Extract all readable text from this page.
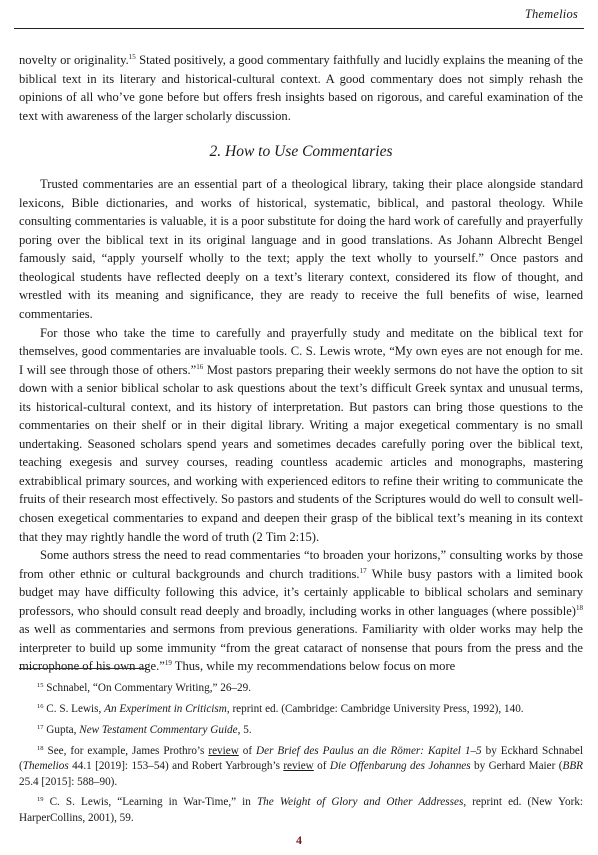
Themelios

novelty or originality.$^{15}$ Stated positively, a good commentary faithfully and lucidly explains the meaning of the biblical text in its literary and historical-cultural context. A good commentary does not simply rehash the opinions of all who’ve gone before but offers fresh insights based on rigorous, and careful examination of the text with awareness of the larger scholarly discussion.

2. How to Use Commentaries

Trusted commentaries are an essential part of a theological library, taking their place alongside standard lexicons, Bible dictionaries, and works of historical, systematic, biblical, and pastoral theology. While consulting commentaries is valuable, it is a poor substitute for doing the hard work of carefully and prayerfully poring over the biblical text in its original language and in good translations. As Johann Albrecht Bengel famously said, “apply yourself wholly to the text; apply the text wholly to yourself.” Once pastors and theological students have reflected deeply on a text’s literary context, considered its flow of thought, and wrestled with its meaning and significance, they are ready to receive the full benefits of wise, learned commentaries.

For those who take the time to carefully and prayerfully study and meditate on the biblical text for themselves, good commentaries are invaluable tools. C. S. Lewis wrote, “My own eyes are not enough for me. I will see through those of others.”$^{16}$ Most pastors preparing their weekly sermons do not have the option to sit down with a senior biblical scholar to ask questions about the text’s difficult Greek syntax and unusual terms, its historical-cultural context, and its history of interpretation. But pastors can bring those questions to the commentaries on their shelf or in their digital library. Writing a major exegetical commentary is no small undertaking. Seasoned scholars spend years and sometimes decades carefully poring over the biblical text, teaching exegesis and survey courses, reading countless academic articles and monographs, mastering extrabiblical primary sources, and working with experienced editors to refine their writing to communicate the fruits of their research most effectively. So pastors and students of the Scriptures would do well to consult well-chosen exegetical commentaries to expand and deepen their grasp of the biblical text’s meaning in its context that they may rightly handle the word of truth (2 Tim 2:15).

Some authors stress the need to read commentaries “to broaden your horizons,” consulting works by those from other ethnic or cultural backgrounds and church traditions.$^{17}$ While busy pastors with a limited book budget may have difficulty following this advice, it’s certainly applicable to biblical scholars and seminary professors, who should consult read deeply and broadly, including works in other languages (where possible)$^{18}$ as well as commentaries and sermons from previous generations. Familiarity with older works may help the interpreter to build up some immunity “from the great cataract of nonsense that pours from the press and the microphone of his own age.”$^{19}$ Thus, while my recommendations below focus on more

$^{15}$ Schnabel, “On Commentary Writing,” 26–29.

$^{16}$ C. S. Lewis, An Experiment in Criticism, reprint ed. (Cambridge: Cambridge University Press, 1992), 140.

$^{17}$ Gupta, New Testament Commentary Guide, 5.

$^{18}$ See, for example, James Prothro’s review of Der Brief des Paulus an die Römer: Kapitel 1–5 by Eckhard Schnabel (Themelios 44.1 [2019]: 153–54) and Robert Yarbrough’s review of Die Offenbarung des Johannes by Gerhard Maier (BBR 25.4 [2015]: 588–90).

$^{19}$ C. S. Lewis, “Learning in War-Time,” in The Weight of Glory and Other Addresses, reprint ed. (New York: HarperCollins, 2001), 59.

4
